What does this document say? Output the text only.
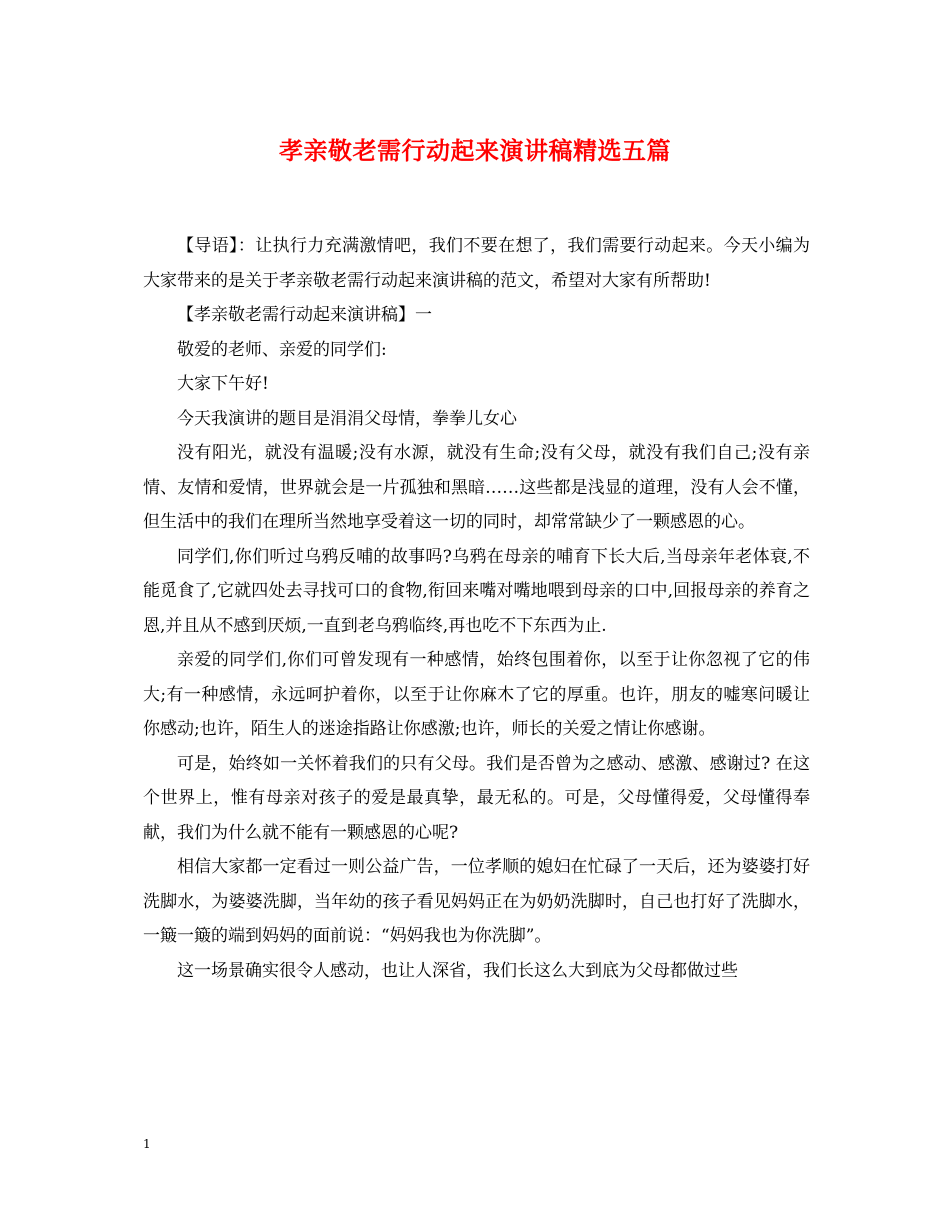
孝亲敬老需行动起来演讲稿精选五篇

【导语】：让执行力充满激情吧，我们不要在想了，我们需要行动起来。今天小编为大家带来的是关于孝亲敬老需行动起来演讲稿的范文，希望对大家有所帮助!

【孝亲敬老需行动起来演讲稿】一

敬爱的老师、亲爱的同学们:

大家下午好!

今天我演讲的题目是涓涓父母情，拳拳儿女心

没有阳光，就没有温暖;没有水源，就没有生命;没有父母，就没有我们自己;没有亲情、友情和爱情，世界就会是一片孤独和黑暗……这些都是浅显的道理，没有人会不懂，但生活中的我们在理所当然地享受着这一切的同时，却常常缺少了一颗感恩的心。

同学们,你们听过乌鸦反哺的故事吗?乌鸦在母亲的哺育下长大后,当母亲年老体衰,不能觅食了,它就四处去寻找可口的食物,衔回来嘴对嘴地喂到母亲的口中,回报母亲的养育之恩,并且从不感到厌烦,一直到老乌鸦临终,再也吃不下东西为止.

亲爱的同学们,你们可曾发现有一种感情，始终包围着你，以至于让你忽视了它的伟大;有一种感情，永远呵护着你，以至于让你麻木了它的厚重。也许，朋友的嘘寒问暖让你感动;也许，陌生人的迷途指路让你感激;也许，师长的关爱之情让你感谢。

可是，始终如一关怀着我们的只有父母。我们是否曾为之感动、感激、感谢过? 在这个世界上，惟有母亲对孩子的爱是最真挚，最无私的。可是，父母懂得爱，父母懂得奉献，我们为什么就不能有一颗感恩的心呢?

相信大家都一定看过一则公益广告，一位孝顺的媳妇在忙碌了一天后，还为婆婆打好洗脚水，为婆婆洗脚，当年幼的孩子看见妈妈正在为奶奶洗脚时，自己也打好了洗脚水，一簸一簸的端到妈妈的面前说：“妈妈我也为你洗脚”。

这一场景确实很令人感动，也让人深省，我们长这么大到底为父母都做过些

1
